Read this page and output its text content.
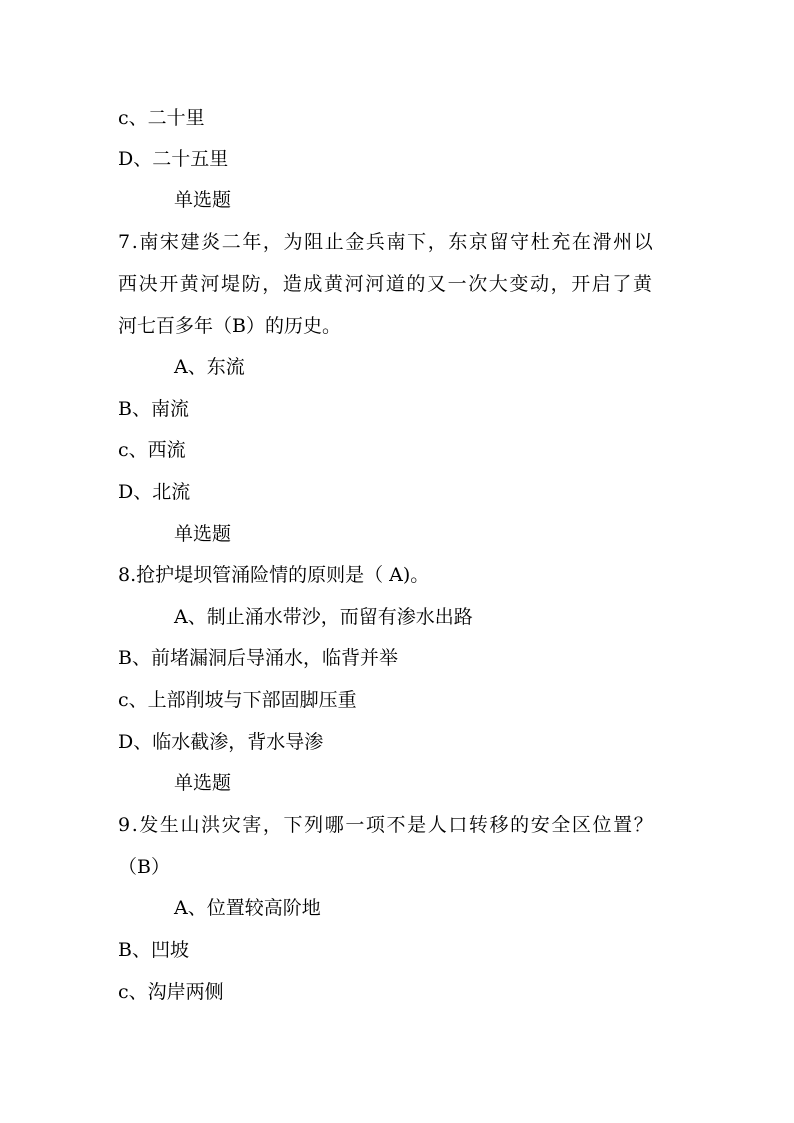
c、二十里
D、二十五里
单选题
7.南宋建炎二年，为阻止金兵南下，东京留守杜充在滑州以
西决开黄河堤防，造成黄河河道的又一次大变动，开启了黄
河七百多年（B）的历史。
A、东流
B、南流
c、西流
D、北流
单选题
8.抢护堤坝管涌险情的原则是（ A)。
A、制止涌水带沙，而留有渗水出路
B、前堵漏洞后导涌水，临背并举
c、上部削坡与下部固脚压重
D、临水截渗，背水导渗
单选题
9.发生山洪灾害，下列哪一项不是人口转移的安全区位置？
（B）
A、位置较高阶地
B、凹坡
c、沟岸两侧
